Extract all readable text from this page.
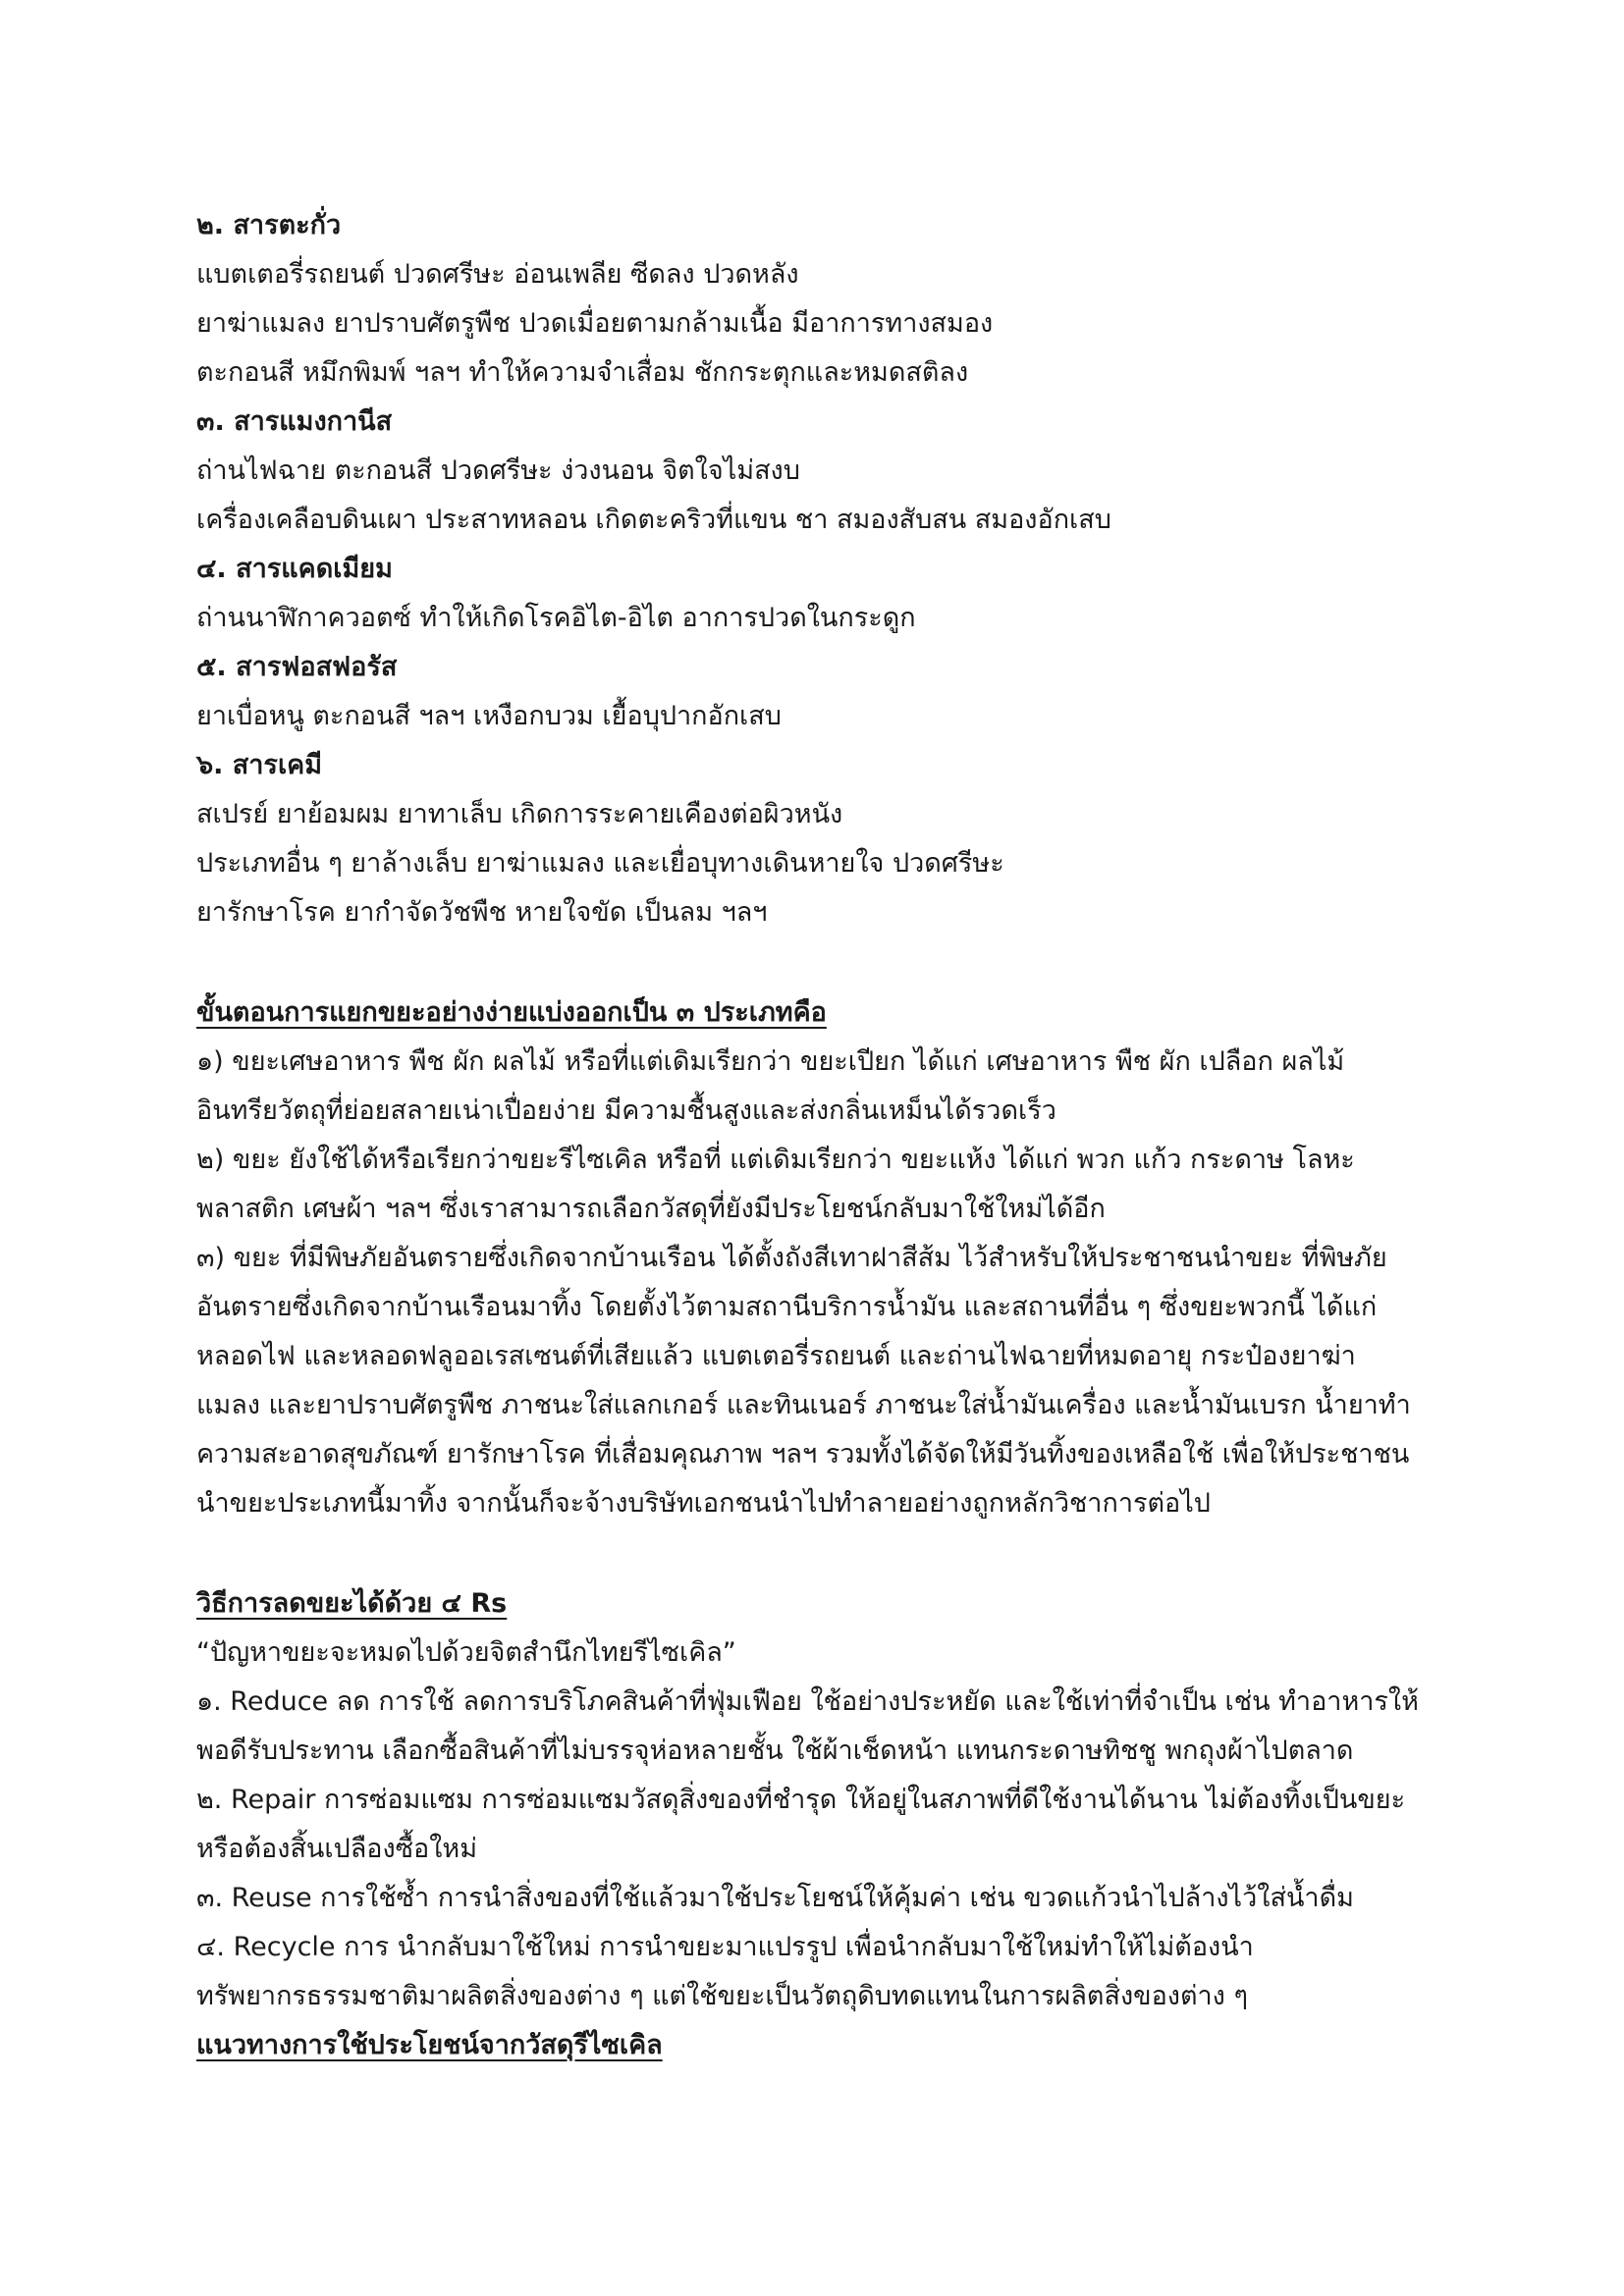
๒. สารตะกั่ว
แบตเตอรี่รถยนต์ ปวดศรีษะ อ่อนเพลีย ซีดลง ปวดหลัง
ยาฆ่าแมลง ยาปราบศัตรูพืช ปวดเมื่อยตามกล้ามเนื้อ มีอาการทางสมอง
ตะกอนสี หมึกพิมพ์ ฯลฯ ทำให้ความจำเสื่อม ชักกระตุกและหมดสติลง
๓. สารแมงกานีส
ถ่านไฟฉาย ตะกอนสี ปวดศรีษะ ง่วงนอน จิตใจไม่สงบ
เครื่องเคลือบดินเผา ประสาทหลอน เกิดตะคริวที่แขน ชา สมองสับสน สมองอักเสบ
๔. สารแคดเมียม
ถ่านนาฬิกาควอตซ์ ทำให้เกิดโรคอิไต-อิไต อาการปวดในกระดูก
๕. สารฟอสฟอรัส
ยาเบื่อหนู ตะกอนสี ฯลฯ เหงือกบวม เยื้อบุปากอักเสบ
๖. สารเคมี
สเปรย์ ยาย้อมผม ยาทาเล็บ เกิดการระคายเคืองต่อผิวหนัง
ประเภทอื่น ๆ ยาล้างเล็บ ยาฆ่าแมลง และเยื่อบุทางเดินหายใจ ปวดศรีษะ
ยารักษาโรค ยากำจัดวัชพืช หายใจขัด เป็นลม ฯลฯ
ขั้นตอนการแยกขยะอย่างง่ายแบ่งออกเป็น ๓ ประเภทคือ
๑) ขยะเศษอาหาร พืช ผัก ผลไม้ หรือที่แต่เดิมเรียกว่า ขยะเปียก ได้แก่ เศษอาหาร พืช ผัก เปลือก ผลไม้
อินทรียวัตถุที่ย่อยสลายเน่าเปื่อยง่าย มีความชื้นสูงและส่งกลิ่นเหม็นได้รวดเร็ว
๒) ขยะ ยังใช้ได้หรือเรียกว่าขยะรีไซเคิล หรือที่ แต่เดิมเรียกว่า ขยะแห้ง ได้แก่ พวก แก้ว กระดาษ โลหะ
พลาสติก เศษผ้า ฯลฯ ซึ่งเราสามารถเลือกวัสดุที่ยังมีประโยชน์กลับมาใช้ใหม่ได้อีก
๓) ขยะ ที่มีพิษภัยอันตรายซึ่งเกิดจากบ้านเรือน ได้ตั้งถังสีเทาฝาสีส้ม ไว้สำหรับให้ประชาชนนำขยะ ที่พิษภัย
อันตรายซึ่งเกิดจากบ้านเรือนมาทิ้ง โดยตั้งไว้ตามสถานีบริการน้ำมัน และสถานที่อื่น ๆ ซึ่งขยะพวกนี้ ได้แก่
หลอดไฟ และหลอดฟลูออเรสเซนต์ที่เสียแล้ว แบตเตอรี่รถยนต์ และถ่านไฟฉายที่หมดอายุ กระป๋องยาฆ่า
แมลง และยาปราบศัตรูพืช ภาชนะใส่แลกเกอร์ และทินเนอร์ ภาชนะใส่น้ำมันเครื่อง และน้ำมันเบรก น้ำยาทำ
ความสะอาดสุขภัณฑ์ ยารักษาโรค ที่เสื่อมคุณภาพ ฯลฯ รวมทั้งได้จัดให้มีวันทิ้งของเหลือใช้ เพื่อให้ประชาชน
นำขยะประเภทนี้มาทิ้ง จากนั้นก็จะจ้างบริษัทเอกชนนำไปทำลายอย่างถูกหลักวิชาการต่อไป
วิธีการลดขยะได้ด้วย ๔ Rs
“ปัญหาขยะจะหมดไปด้วยจิตสำนึกไทยรีไซเคิล”
๑. Reduce ลด การใช้ ลดการบริโภคสินค้าที่ฟุ่มเฟือย ใช้อย่างประหยัด และใช้เท่าที่จำเป็น เช่น ทำอาหารให้
พอดีรับประทาน เลือกซื้อสินค้าที่ไม่บรรจุห่อหลายชั้น ใช้ผ้าเช็ดหน้า แทนกระดาษทิชชู พกถุงผ้าไปตลาด
๒. Repair การซ่อมแซม การซ่อมแซมวัสดุสิ่งของที่ชำรุด ให้อยู่ในสภาพที่ดีใช้งานได้นาน ไม่ต้องทิ้งเป็นขยะ
หรือต้องสิ้นเปลืองซื้อใหม่
๓. Reuse การใช้ซ้ำ การนำสิ่งของที่ใช้แล้วมาใช้ประโยชน์ให้คุ้มค่า เช่น ขวดแก้วนำไปล้างไว้ใส่น้ำดื่ม
๔. Recycle การ นำกลับมาใช้ใหม่ การนำขยะมาแปรรูป เพื่อนำกลับมาใช้ใหม่ทำให้ไม่ต้องนำ
ทรัพยากรธรรมชาติมาผลิตสิ่งของต่าง ๆ แต่ใช้ขยะเป็นวัตถุดิบทดแทนในการผลิตสิ่งของต่าง ๆ
แนวทางการใช้ประโยชน์จากวัสดุรีไซเคิล
